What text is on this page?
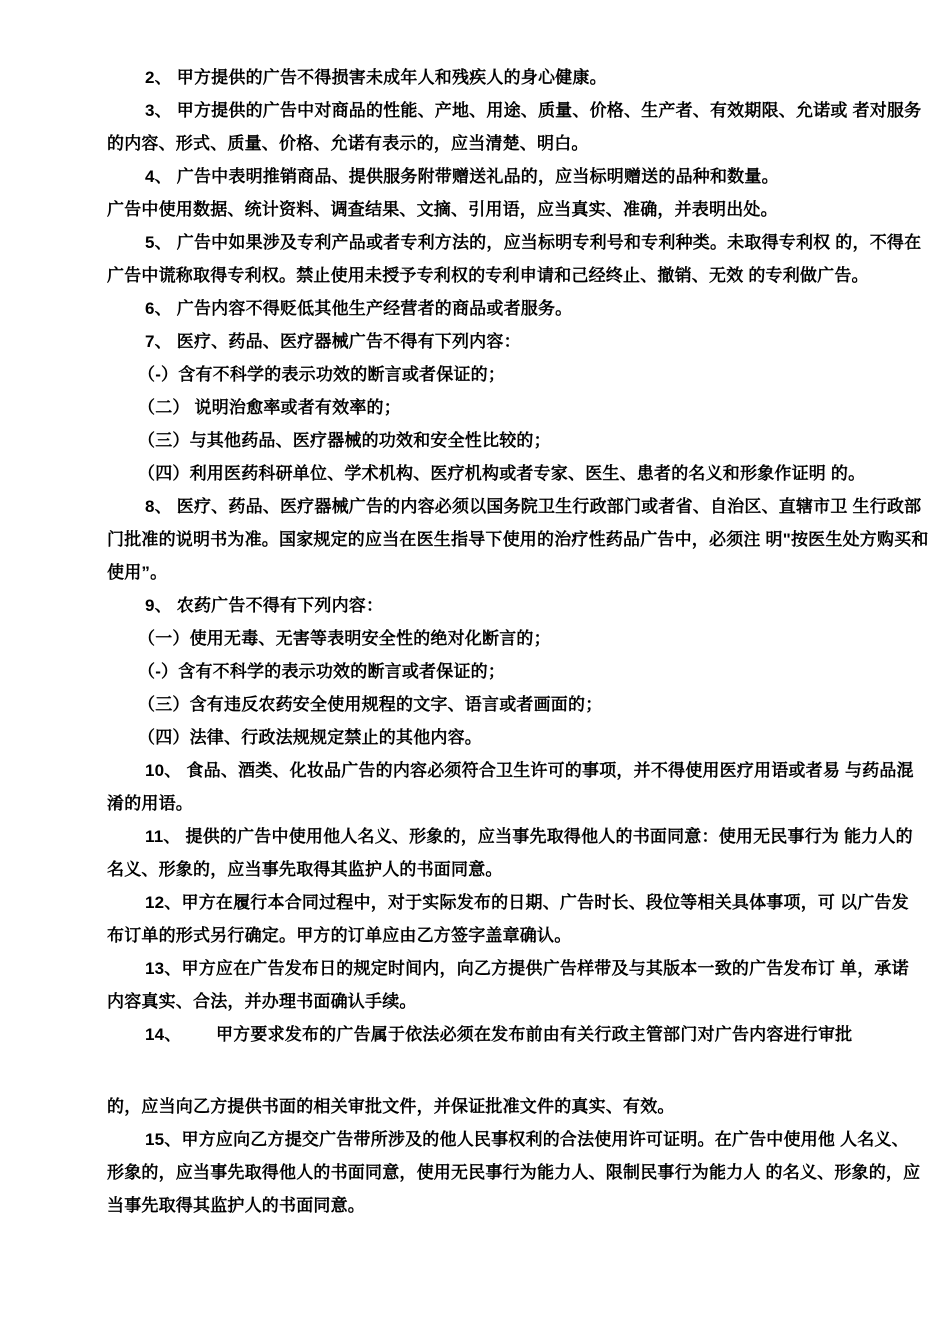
2、 甲方提供的广告不得损害未成年人和残疾人的身心健康。
3、 甲方提供的广告中对商品的性能、产地、用途、质量、价格、生产者、有效期限、允诺或 者对服务
的内容、形式、质量、价格、允诺有表示的，应当清楚、明白。
4、 广告中表明推销商品、提供服务附带赠送礼品的，应当标明赠送的品种和数量。
广告中使用数据、统计资料、调查结果、文摘、引用语，应当真实、准确，并表明出处。
5、 广告中如果涉及专利产品或者专利方法的，应当标明专利号和专利种类。未取得专利权 的，不得在
广告中谎称取得专利权。禁止使用未授予专利权的专利申请和己经终止、撤销、无效 的专利做广告。
6、 广告内容不得贬低其他生产经营者的商品或者服务。
7、 医疗、药品、医疗器械广告不得有下列内容：
（-）含有不科学的表示功效的断言或者保证的；
（二） 说明治愈率或者有效率的；
（三）与其他药品、医疗器械的功效和安全性比较的；
（四）利用医药科研单位、学术机构、医疗机构或者专家、医生、患者的名义和形象作证明 的。
8、 医疗、药品、医疗器械广告的内容必须以国务院卫生行政部门或者省、自治区、直辖市卫 生行政部
门批准的说明书为准。国家规定的应当在医生指导下使用的治疗性药品广告中，必须注 明"按医生处方购买和
使用”。
9、 农药广告不得有下列内容：
（一）使用无毒、无害等表明安全性的绝对化断言的；
（-）含有不科学的表示功效的断言或者保证的；
（三）含有违反农药安全使用规程的文字、语言或者画面的；
（四）法律、行政法规规定禁止的其他内容。
10、 食品、酒类、化妆品广告的内容必须符合卫生许可的事项，并不得使用医疗用语或者易 与药品混
淆的用语。
11、 提供的广告中使用他人名义、形象的，应当事先取得他人的书面同意：使用无民事行为 能力人的
名义、形象的，应当事先取得其监护人的书面同意。
12、甲方在履行本合同过程中，对于实际发布的日期、广告时长、段位等相关具体事项，可 以广告发
布订单的形式另行确定。甲方的订单应由乙方签字盖章确认。
13、甲方应在广告发布日的规定时间内，向乙方提供广告样带及与其版本一致的广告发布订 单，承诺
内容真实、合法，并办理书面确认手续。
14、       甲方要求发布的广告属于依法必须在发布前由有关行政主管部门对广告内容进行审批
的，应当向乙方提供书面的相关审批文件，并保证批准文件的真实、有效。
15、甲方应向乙方提交广告带所涉及的他人民事权利的合法使用许可证明。在广告中使用他 人名义、
形象的，应当事先取得他人的书面同意，使用无民事行为能力人、限制民事行为能力人 的名义、形象的，应
当事先取得其监护人的书面同意。
